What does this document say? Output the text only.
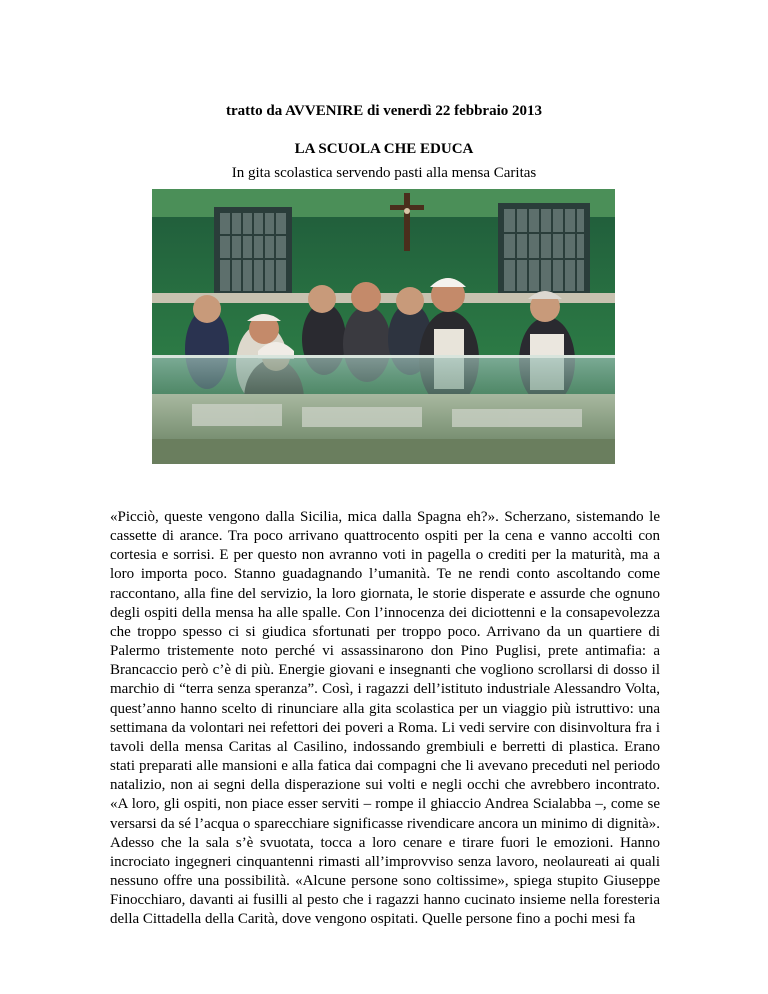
tratto da AVVENIRE di venerdì 22 febbraio 2013
LA SCUOLA CHE EDUCA
In gita scolastica servendo pasti alla mensa Caritas

«Picciò, queste vengono dalla Sicilia, mica dalla Spagna eh?». Scherzano, sistemando le cassette di arance. Tra poco arrivano quattrocento ospiti per la cena e vanno accolti con cortesia e sorrisi. E per questo non avranno voti in pagella o crediti per la maturità, ma a loro importa poco. Stanno guadagnando l’umanità. Te ne rendi conto ascoltando come raccontano, alla fine del servizio, la loro giornata, le storie disperate e assurde che ognuno degli ospiti della mensa ha alle spalle. Con l’innocenza dei diciottenni e la consapevolezza che troppo spesso ci si giudica sfortunati per troppo poco. Arrivano da un quartiere di Palermo tristemente noto perché vi assassinarono don Pino Puglisi, prete antimafia: a Brancaccio però c’è di più. Energie giovani e insegnanti che vogliono scrollarsi di dosso il marchio di “terra senza speranza”. Così, i ragazzi dell’istituto industriale Alessandro Volta, quest’anno hanno scelto di rinunciare alla gita scolastica per un viaggio più istruttivo: una settimana da volontari nei refettori dei poveri a Roma. Li vedi servire con disinvoltura fra i tavoli della mensa Caritas al Casilino, indossando grembiuli e berretti di plastica. Erano stati preparati alle mansioni e alla fatica dai compagni che li avevano preceduti nel periodo natalizio, non ai segni della disperazione sui volti e negli occhi che avrebbero incontrato. «A loro, gli ospiti, non piace esser serviti – rompe il ghiaccio Andrea Scialabba –, come se versarsi da sé l’acqua o sparecchiare significasse rivendicare ancora un minimo di dignità». Adesso che la sala s’è svuotata, tocca a loro cenare e tirare fuori le emozioni. Hanno incrociato ingegneri cinquantenni rimasti all’improvviso senza lavoro, neolaureati ai quali nessuno offre una possibilità. «Alcune persone sono coltissime», spiega stupito Giuseppe Finocchiaro, davanti ai fusilli al pesto che i ragazzi hanno cucinato insieme nella foresteria della Cittadella della Carità, dove vengono ospitati. Quelle persone fino a pochi mesi fa
